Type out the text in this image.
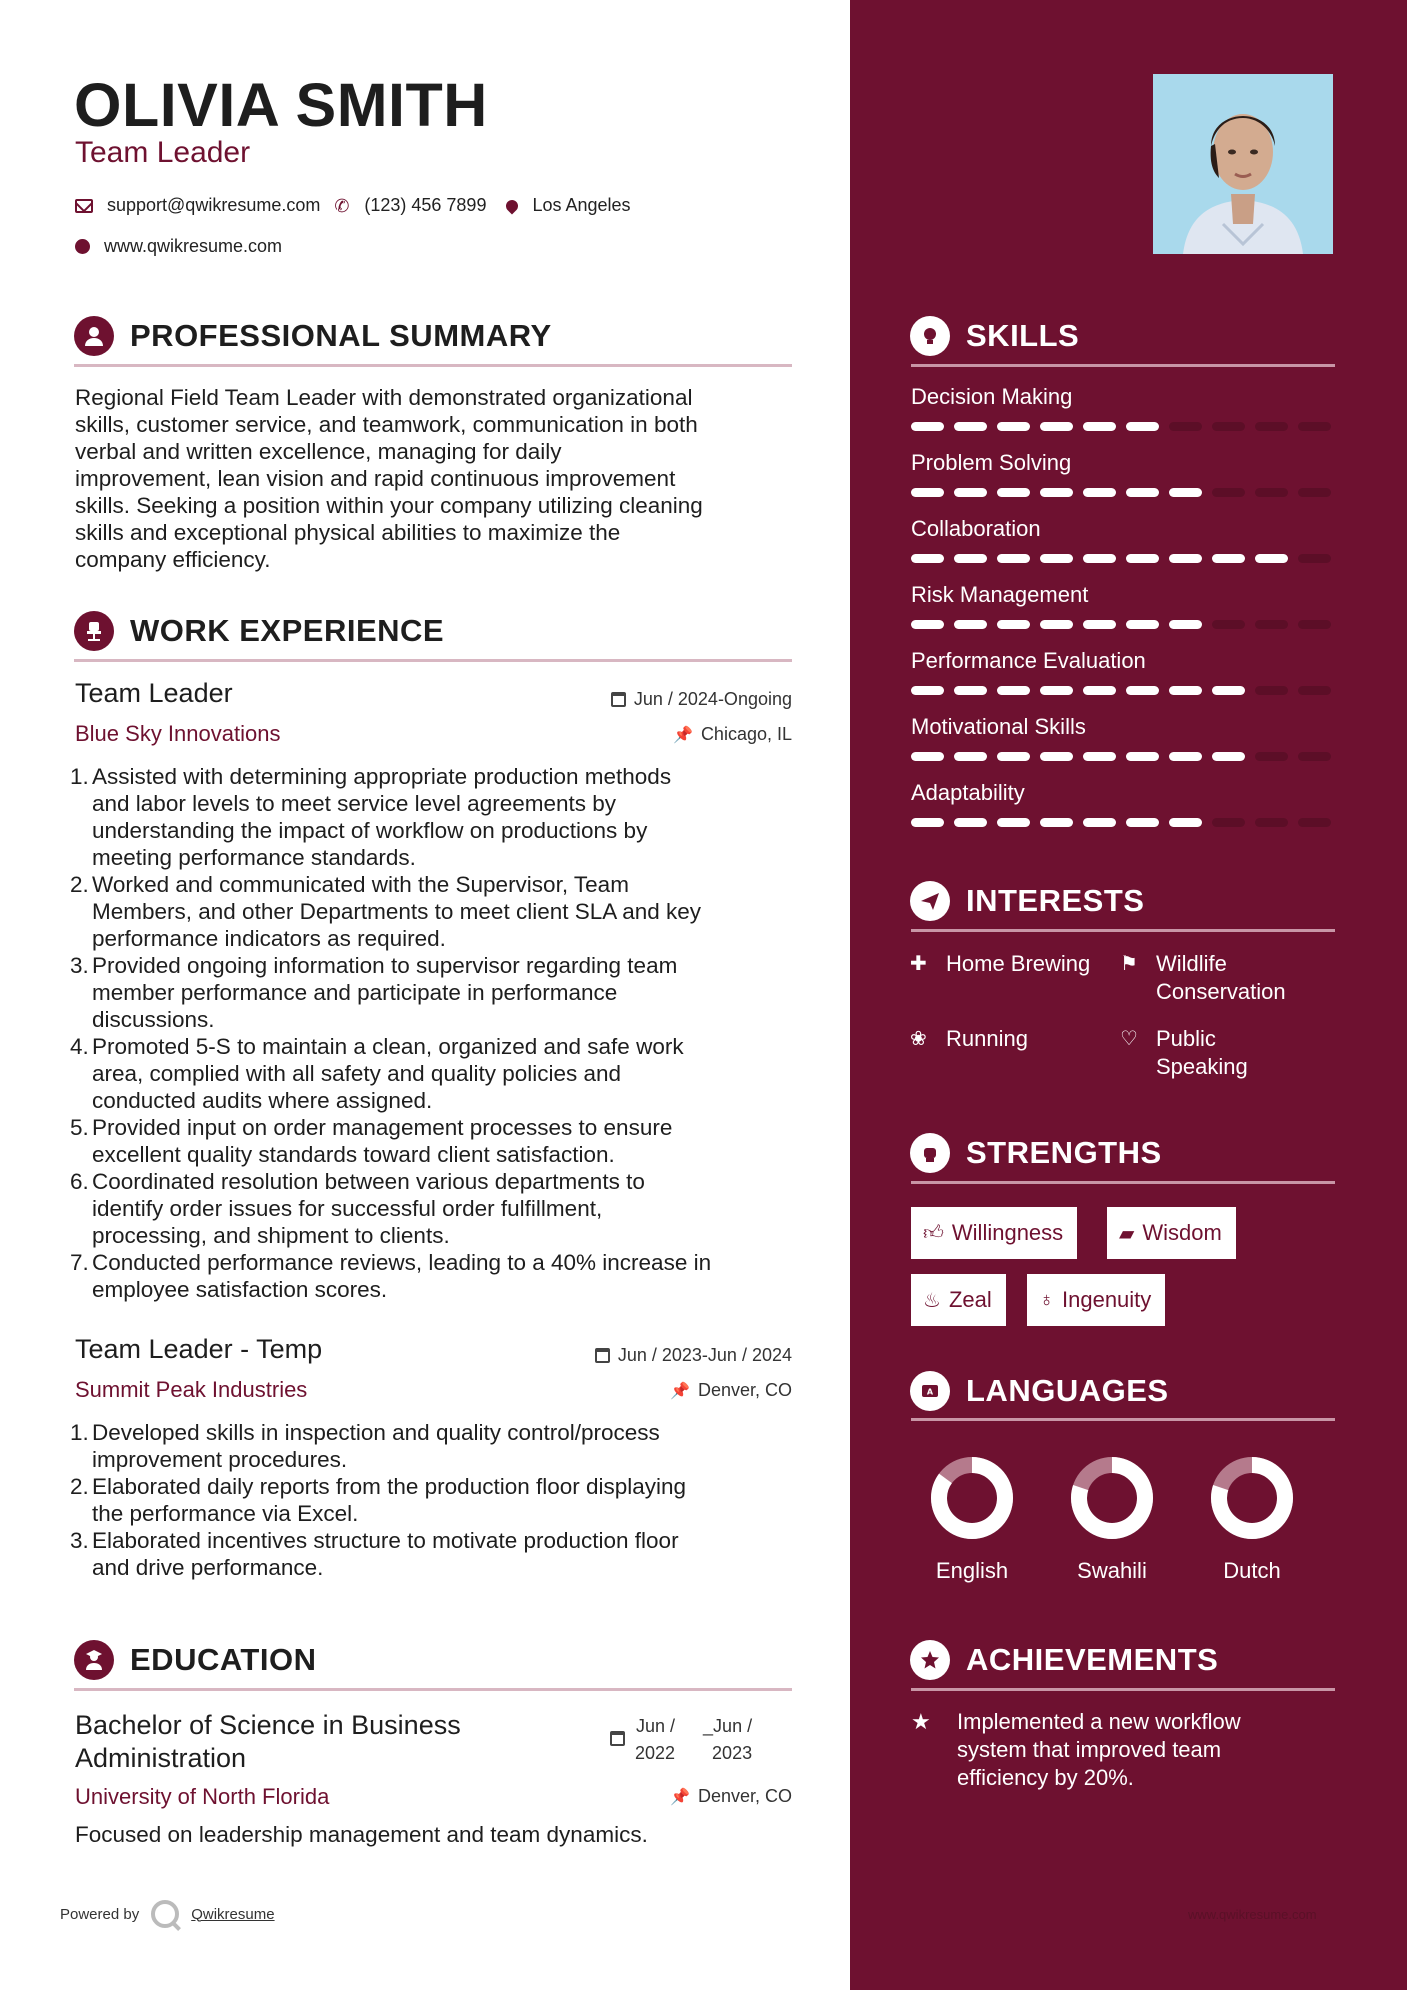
OLIVIA SMITH
Team Leader
support@qwikresume.com ✆ (123) 456 7899	Los Angeles
www.qwikresume.com
PROFESSIONAL SUMMARY
Regional Field Team Leader with demonstrated organizational
skills, customer service, and teamwork, communication in both
verbal and written excellence, managing for daily
improvement, lean vision and rapid continuous improvement
skills. Seeking a position within your company utilizing cleaning
skills and exceptional physical abilities to maximize the
company efficiency.
WORK EXPERIENCE
Team Leader	Jun / 2024-Ongoing
Blue Sky Innovations	📌 Chicago, IL
1. Assisted with determining appropriate production methods
and labor levels to meet service level agreements by
understanding the impact of workflow on productions by
meeting performance standards.
2. Worked and communicated with the Supervisor, Team
Members, and other Departments to meet client SLA and key
performance indicators as required.
3. Provided ongoing information to supervisor regarding team
member performance and participate in performance
discussions.
4. Promoted 5-S to maintain a clean, organized and safe work
area, complied with all safety and quality policies and
conducted audits where assigned.
5. Provided input on order management processes to ensure
excellent quality standards toward client satisfaction.
6. Coordinated resolution between various departments to
identify order issues for successful order fulfillment,
processing, and shipment to clients.
7. Conducted performance reviews, leading to a 40% increase in
employee satisfaction scores.
Team Leader - Temp	Jun / 2023-Jun / 2024
Summit Peak Industries	📌 Denver, CO
1. Developed skills in inspection and quality control/process
improvement procedures.
2. Elaborated daily reports from the production floor displaying
the performance via Excel.
3. Elaborated incentives structure to motivate production floor
and drive performance.
EDUCATION
Bachelor of Science in Business
Administration
Jun /
2022
_Jun /
2023
University of North Florida	📌 Denver, CO
Focused on leadership management and team dynamics.
Powered by	Qwikresume
SKILLS
Decision Making
Problem Solving
Collaboration
Risk Management
Performance Evaluation
Motivational Skills
Adaptability
INTERESTS
✚ Home Brewing ⚑ Wildlife
Conservation
❀ Running	♡ Public
Speaking
STRENGTHS
👍︎ Willingness	▰ Wisdom
♨ Zeal ♁ Ingenuity
A LANGUAGES
English	Swahili	Dutch
ACHIEVEMENTS
★	Implemented a new workflow
system that improved team
efficiency by 20%.
www.qwikresume.com
